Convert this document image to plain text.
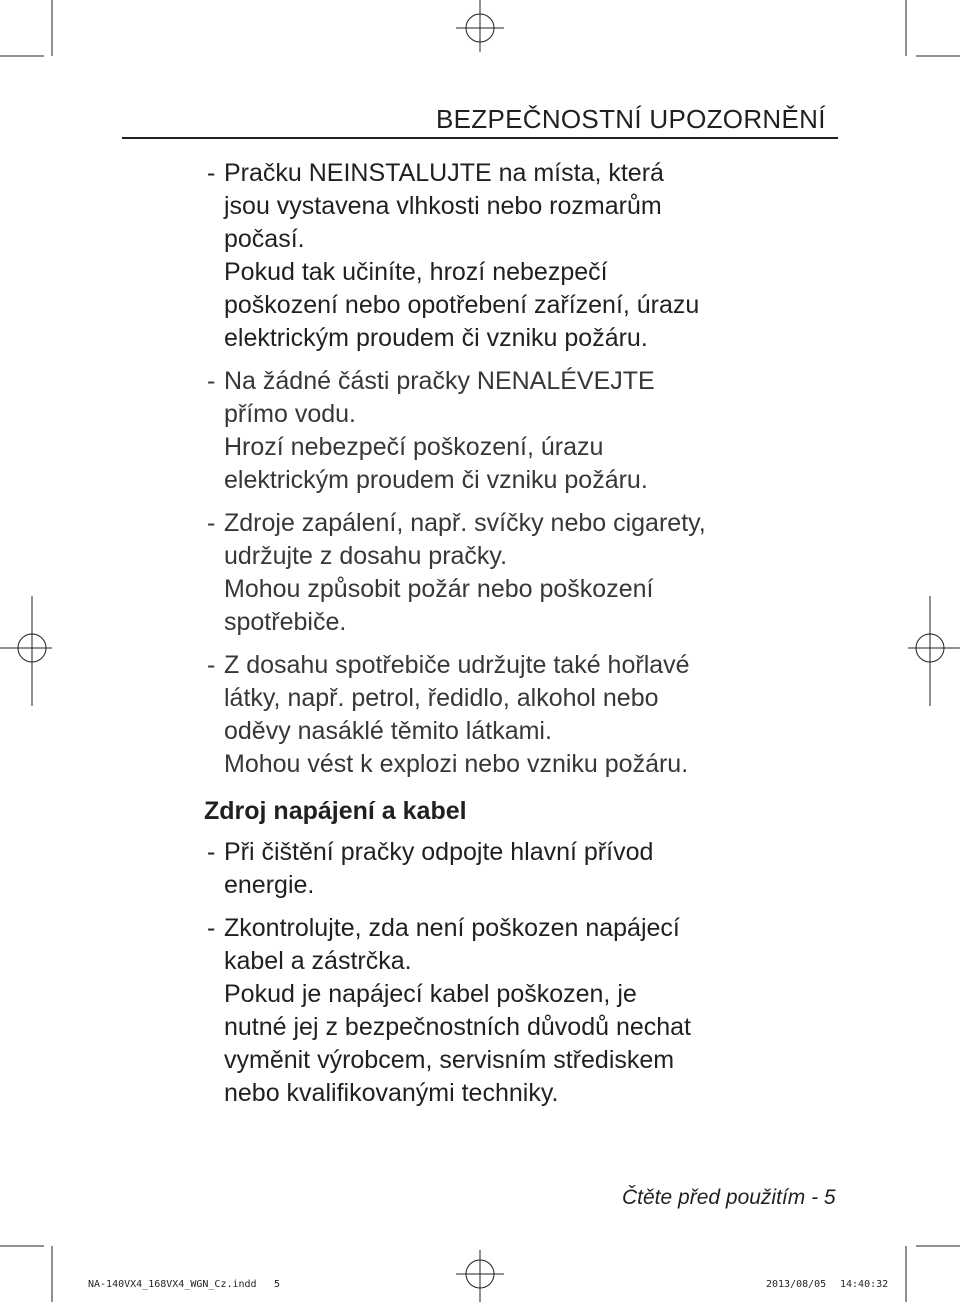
BEZPEČNOSTNÍ UPOZORNĚNÍ
- Pračku NEINSTALUJTE na místa, která
jsou vystavena vlhkosti nebo rozmarům
počasí.
Pokud tak učiníte, hrozí nebezpečí
poškození nebo opotřebení zařízení, úrazu
elektrickým proudem či vzniku požáru.
- Na žádné části pračky NENALÉVEJTE
přímo vodu.
Hrozí nebezpečí poškození, úrazu
elektrickým proudem či vzniku požáru.
- Zdroje zapálení, např. svíčky nebo cigarety,
udržujte z dosahu pračky.
Mohou způsobit požár nebo poškození
spotřebiče.
- Z dosahu spotřebiče udržujte také hořlavé
látky, např. petrol, ředidlo, alkohol nebo
oděvy nasáklé těmito látkami.
Mohou vést k explozi nebo vzniku požáru.
Zdroj napájení a kabel
- Při čištění pračky odpojte hlavní přívod
energie.
- Zkontrolujte, zda není poškozen napájecí
kabel a zástrčka.
Pokud je napájecí kabel poškozen, je
nutné jej z bezpečnostních důvodů nechat
vyměnit výrobcem, servisním střediskem
nebo kvalifikovanými techniky.
Čtěte před použitím - 5
NA-140VX4_168VX4_WGN_Cz.indd 5	2013/08/05 14:40:32
